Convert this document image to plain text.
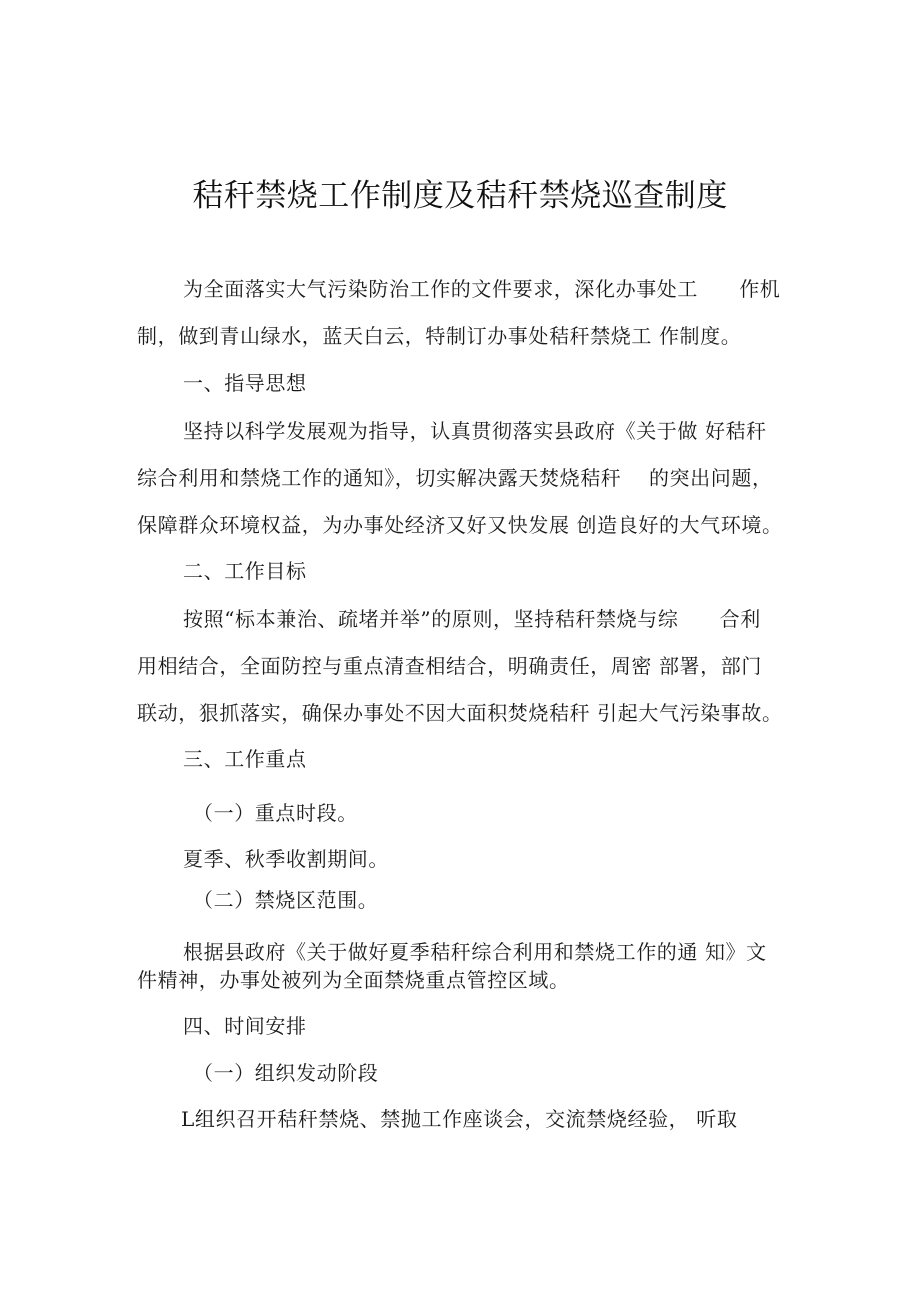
秸秆禁烧工作制度及秸秆禁烧巡查制度
为全面落实大气污染防治工作的文件要求，深化办事处工　　作机
制，做到青山绿水，蓝天白云，特制订办事处秸秆禁烧工 作制度。
一、指导思想
坚持以科学发展观为指导，认真贯彻落实县政府《关于做 好秸秆
综合利用和禁烧工作的通知》，切实解决露天焚烧秸秆　 的突出问题，
保障群众环境权益，为办事处经济又好又快发展 创造良好的大气环境。
二、工作目标
按照“标本兼治、疏堵并举”的原则，坚持秸秆禁烧与综　　合利
用相结合，全面防控与重点清查相结合，明确责任，周密 部署，部门
联动，狠抓落实，确保办事处不因大面积焚烧秸秆 引起大气污染事故。
三、工作重点
（一）重点时段。
夏季、秋季收割期间。
（二）禁烧区范围。
根据县政府《关于做好夏季秸秆综合利用和禁烧工作的通 知》文
件精神，办事处被列为全面禁烧重点管控区域。
四、时间安排
（一）组织发动阶段
L组织召开秸秆禁烧、禁抛工作座谈会，交流禁烧经验， 听取
